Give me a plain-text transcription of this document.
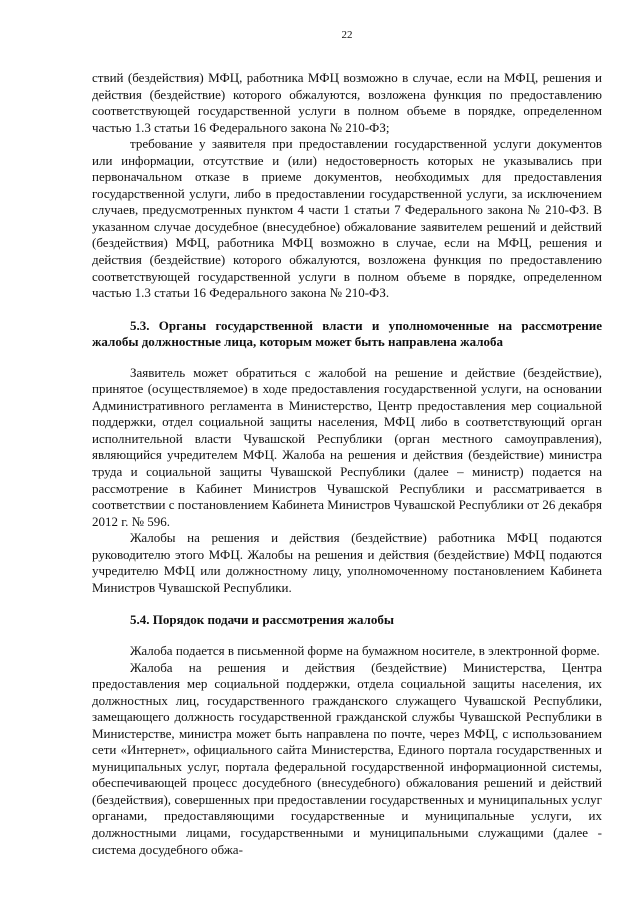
22

ствий (бездействия) МФЦ, работника МФЦ возможно в случае, если на МФЦ, решения и действия (бездействие) которого обжалуются, возложена функция по предоставлению соответствующей государственной услуги в полном объеме в порядке, определенном частью 1.3 статьи 16 Федерального закона № 210-ФЗ;

требование у заявителя при предоставлении государственной услуги документов или информации, отсутствие и (или) недостоверность которых не указывались при первоначальном отказе в приеме документов, необходимых для предоставления государственной услуги, либо в предоставлении государственной услуги, за исключением случаев, предусмотренных пунктом 4 части 1 статьи 7 Федерального закона № 210-ФЗ. В указанном случае досудебное (внесудебное) обжалование заявителем решений и действий (бездействия) МФЦ, работника МФЦ возможно в случае, если на МФЦ, решения и действия (бездействие) которого обжалуются, возложена функция по предоставлению соответствующей государственной услуги в полном объеме в порядке, определенном частью 1.3 статьи 16 Федерального закона № 210-ФЗ.

5.3. Органы государственной власти и уполномоченные на рассмотрение жалобы должностные лица, которым может быть направлена жалоба

Заявитель может обратиться с жалобой на решение и действие (бездействие), принятое (осуществляемое) в ходе предоставления государственной услуги, на основании Административного регламента в Министерство, Центр предоставления мер социальной поддержки, отдел социальной защиты населения, МФЦ либо в соответствующий орган исполнительной власти Чувашской Республики (орган местного самоуправления), являющийся учредителем МФЦ. Жалоба на решения и действия (бездействие) министра труда и социальной защиты Чувашской Республики (далее – министр) подается на рассмотрение в Кабинет Министров Чувашской Республики и рассматривается в соответствии с постановлением Кабинета Министров Чувашской Республики от 26 декабря 2012 г. № 596.

Жалобы на решения и действия (бездействие) работника МФЦ подаются руководителю этого МФЦ. Жалобы на решения и действия (бездействие) МФЦ подаются учредителю МФЦ или должностному лицу, уполномоченному постановлением Кабинета Министров Чувашской Республики.

5.4. Порядок подачи и рассмотрения жалобы

Жалоба подается в письменной форме на бумажном носителе, в электронной форме.

Жалоба на решения и действия (бездействие) Министерства, Центра предоставления мер социальной поддержки, отдела социальной защиты населения, их должностных лиц, государственного гражданского служащего Чувашской Республики, замещающего должность государственной гражданской службы Чувашской Республики в Министерстве, министра может быть направлена по почте, через МФЦ, с использованием сети «Интернет», официального сайта Министерства, Единого портала государственных и муниципальных услуг, портала федеральной государственной информационной системы, обеспечивающей процесс досудебного (внесудебного) обжалования решений и действий (бездействия), совершенных при предоставлении государственных и муниципальных услуг органами, предоставляющими государственные и муниципальные услуги, их должностными лицами, государственными и муниципальными служащими (далее - система досудебного обжа-
